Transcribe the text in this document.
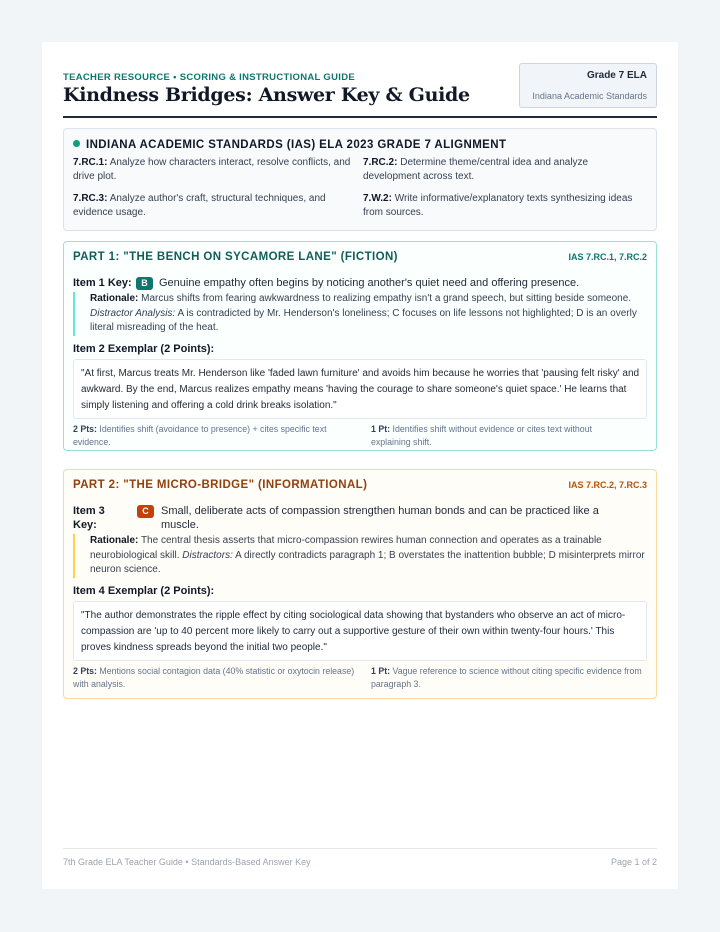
TEACHER RESOURCE • SCORING & INSTRUCTIONAL GUIDE
Kindness Bridges: Answer Key & Guide
Grade 7 ELA
Indiana Academic Standards
INDIANA ACADEMIC STANDARDS (IAS) ELA 2023 GRADE 7 ALIGNMENT
7.RC.1: Analyze how characters interact, resolve conflicts, and drive plot.
7.RC.2: Determine theme/central idea and analyze development across text.
7.RC.3: Analyze author's craft, structural techniques, and evidence usage.
7.W.2: Write informative/explanatory texts synthesizing ideas from sources.
PART 1: "THE BENCH ON SYCAMORE LANE" (FICTION)	IAS 7.RC.1, 7.RC.2
Item 1 Key:	B	Genuine empathy often begins by noticing another's quiet need and offering presence.
Rationale: Marcus shifts from fearing awkwardness to realizing empathy isn't a grand speech, but sitting beside someone. Distractor Analysis: A is contradicted by Mr. Henderson's loneliness; C focuses on life lessons not highlighted; D is an overly literal misreading of the heat.
Item 2 Exemplar (2 Points):
"At first, Marcus treats Mr. Henderson like 'faded lawn furniture' and avoids him because he worries that 'pausing felt risky' and awkward. By the end, Marcus realizes empathy means 'having the courage to share someone's quiet space.' He learns that simply listening and offering a cold drink breaks isolation."
2 Pts: Identifies shift (avoidance to presence) + cites specific text evidence.
1 Pt: Identifies shift without evidence or cites text without explaining shift.
PART 2: "THE MICRO-BRIDGE" (INFORMATIONAL)	IAS 7.RC.2, 7.RC.3
Item 3 Key:
C	Small, deliberate acts of compassion strengthen human bonds and can be practiced like a muscle.
Rationale: The central thesis asserts that micro-compassion rewires human connection and operates as a trainable neurobiological skill. Distractors: A directly contradicts paragraph 1; B overstates the inattention bubble; D misinterprets mirror neuron science.
Item 4 Exemplar (2 Points):
"The author demonstrates the ripple effect by citing sociological data showing that bystanders who observe an act of micro-compassion are 'up to 40 percent more likely to carry out a supportive gesture of their own within twenty-four hours.' This proves kindness spreads beyond the initial two people."
2 Pts: Mentions social contagion data (40% statistic or oxytocin release) with analysis.
1 Pt: Vague reference to science without citing specific evidence from paragraph 3.
7th Grade ELA Teacher Guide • Standards-Based Answer Key	Page 1 of 2
